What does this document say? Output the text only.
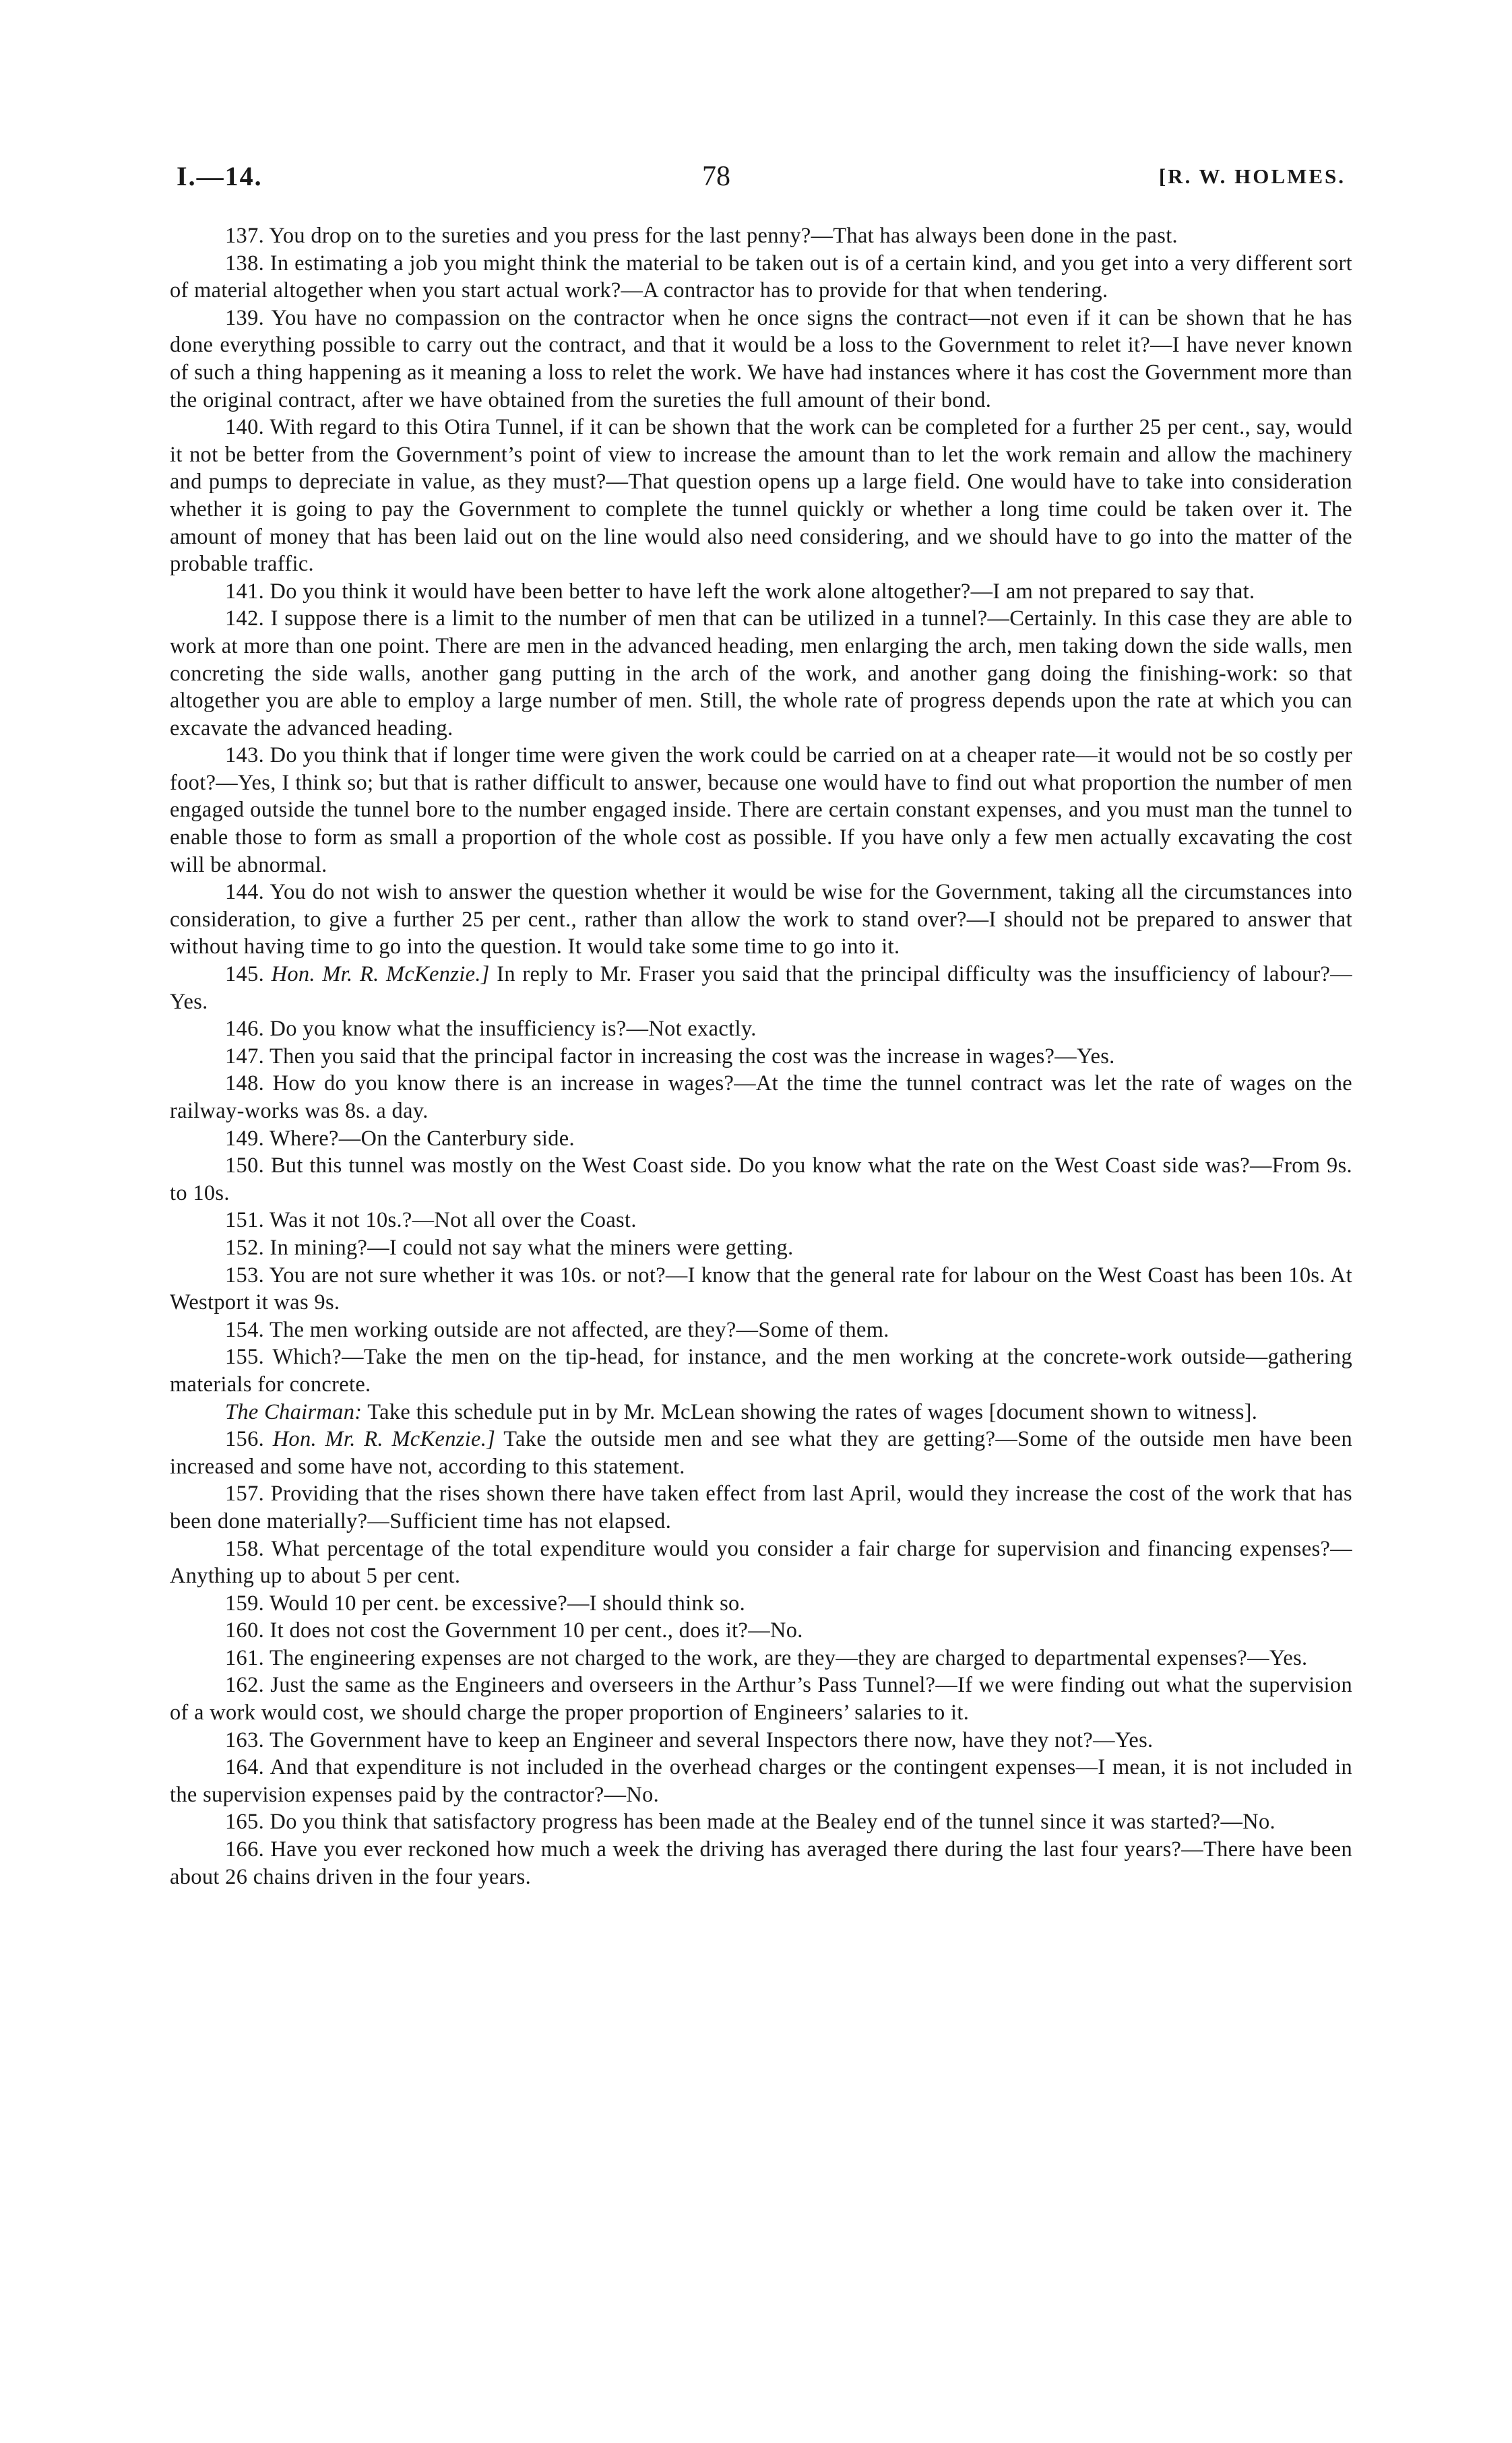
I.—14.	78	[R. W. HOLMES.

137. You drop on to the sureties and you press for the last penny?—That has always been done in the past.

138. In estimating a job you might think the material to be taken out is of a certain kind, and you get into a very different sort of material altogether when you start actual work?—A contractor has to provide for that when tendering.

139. You have no compassion on the contractor when he once signs the contract—not even if it can be shown that he has done everything possible to carry out the contract, and that it would be a loss to the Government to relet it?—I have never known of such a thing happening as it meaning a loss to relet the work. We have had instances where it has cost the Government more than the original contract, after we have obtained from the sureties the full amount of their bond.

140. With regard to this Otira Tunnel, if it can be shown that the work can be completed for a further 25 per cent., say, would it not be better from the Government’s point of view to increase the amount than to let the work remain and allow the machinery and pumps to depreciate in value, as they must?—That question opens up a large field. One would have to take into consideration whether it is going to pay the Government to complete the tunnel quickly or whether a long time could be taken over it. The amount of money that has been laid out on the line would also need considering, and we should have to go into the matter of the probable traffic.

141. Do you think it would have been better to have left the work alone altogether?—I am not prepared to say that.

142. I suppose there is a limit to the number of men that can be utilized in a tunnel?—Certainly. In this case they are able to work at more than one point. There are men in the advanced heading, men enlarging the arch, men taking down the side walls, men concreting the side walls, another gang putting in the arch of the work, and another gang doing the finishing-work: so that altogether you are able to employ a large number of men. Still, the whole rate of progress depends upon the rate at which you can excavate the advanced heading.

143. Do you think that if longer time were given the work could be carried on at a cheaper rate—it would not be so costly per foot?—Yes, I think so; but that is rather difficult to answer, because one would have to find out what proportion the number of men engaged outside the tunnel bore to the number engaged inside. There are certain constant expenses, and you must man the tunnel to enable those to form as small a proportion of the whole cost as possible. If you have only a few men actually excavating the cost will be abnormal.

144. You do not wish to answer the question whether it would be wise for the Government, taking all the circumstances into consideration, to give a further 25 per cent., rather than allow the work to stand over?—I should not be prepared to answer that without having time to go into the question. It would take some time to go into it.

145. Hon. Mr. R. McKenzie.] In reply to Mr. Fraser you said that the principal difficulty was the insufficiency of labour?—Yes.

146. Do you know what the insufficiency is?—Not exactly.

147. Then you said that the principal factor in increasing the cost was the increase in wages?—Yes.

148. How do you know there is an increase in wages?—At the time the tunnel contract was let the rate of wages on the railway-works was 8s. a day.

149. Where?—On the Canterbury side.

150. But this tunnel was mostly on the West Coast side. Do you know what the rate on the West Coast side was?—From 9s. to 10s.

151. Was it not 10s.?—Not all over the Coast.

152. In mining?—I could not say what the miners were getting.

153. You are not sure whether it was 10s. or not?—I know that the general rate for labour on the West Coast has been 10s. At Westport it was 9s.

154. The men working outside are not affected, are they?—Some of them.

155. Which?—Take the men on the tip-head, for instance, and the men working at the concrete-work outside—gathering materials for concrete.

The Chairman: Take this schedule put in by Mr. McLean showing the rates of wages [document shown to witness].

156. Hon. Mr. R. McKenzie.] Take the outside men and see what they are getting?—Some of the outside men have been increased and some have not, according to this statement.

157. Providing that the rises shown there have taken effect from last April, would they increase the cost of the work that has been done materially?—Sufficient time has not elapsed.

158. What percentage of the total expenditure would you consider a fair charge for supervision and financing expenses?—Anything up to about 5 per cent.

159. Would 10 per cent. be excessive?—I should think so.

160. It does not cost the Government 10 per cent., does it?—No.

161. The engineering expenses are not charged to the work, are they—they are charged to departmental expenses?—Yes.

162. Just the same as the Engineers and overseers in the Arthur’s Pass Tunnel?—If we were finding out what the supervision of a work would cost, we should charge the proper proportion of Engineers’ salaries to it.

163. The Government have to keep an Engineer and several Inspectors there now, have they not?—Yes.

164. And that expenditure is not included in the overhead charges or the contingent expenses—I mean, it is not included in the supervision expenses paid by the contractor?—No.

165. Do you think that satisfactory progress has been made at the Bealey end of the tunnel since it was started?—No.

166. Have you ever reckoned how much a week the driving has averaged there during the last four years?—There have been about 26 chains driven in the four years.
